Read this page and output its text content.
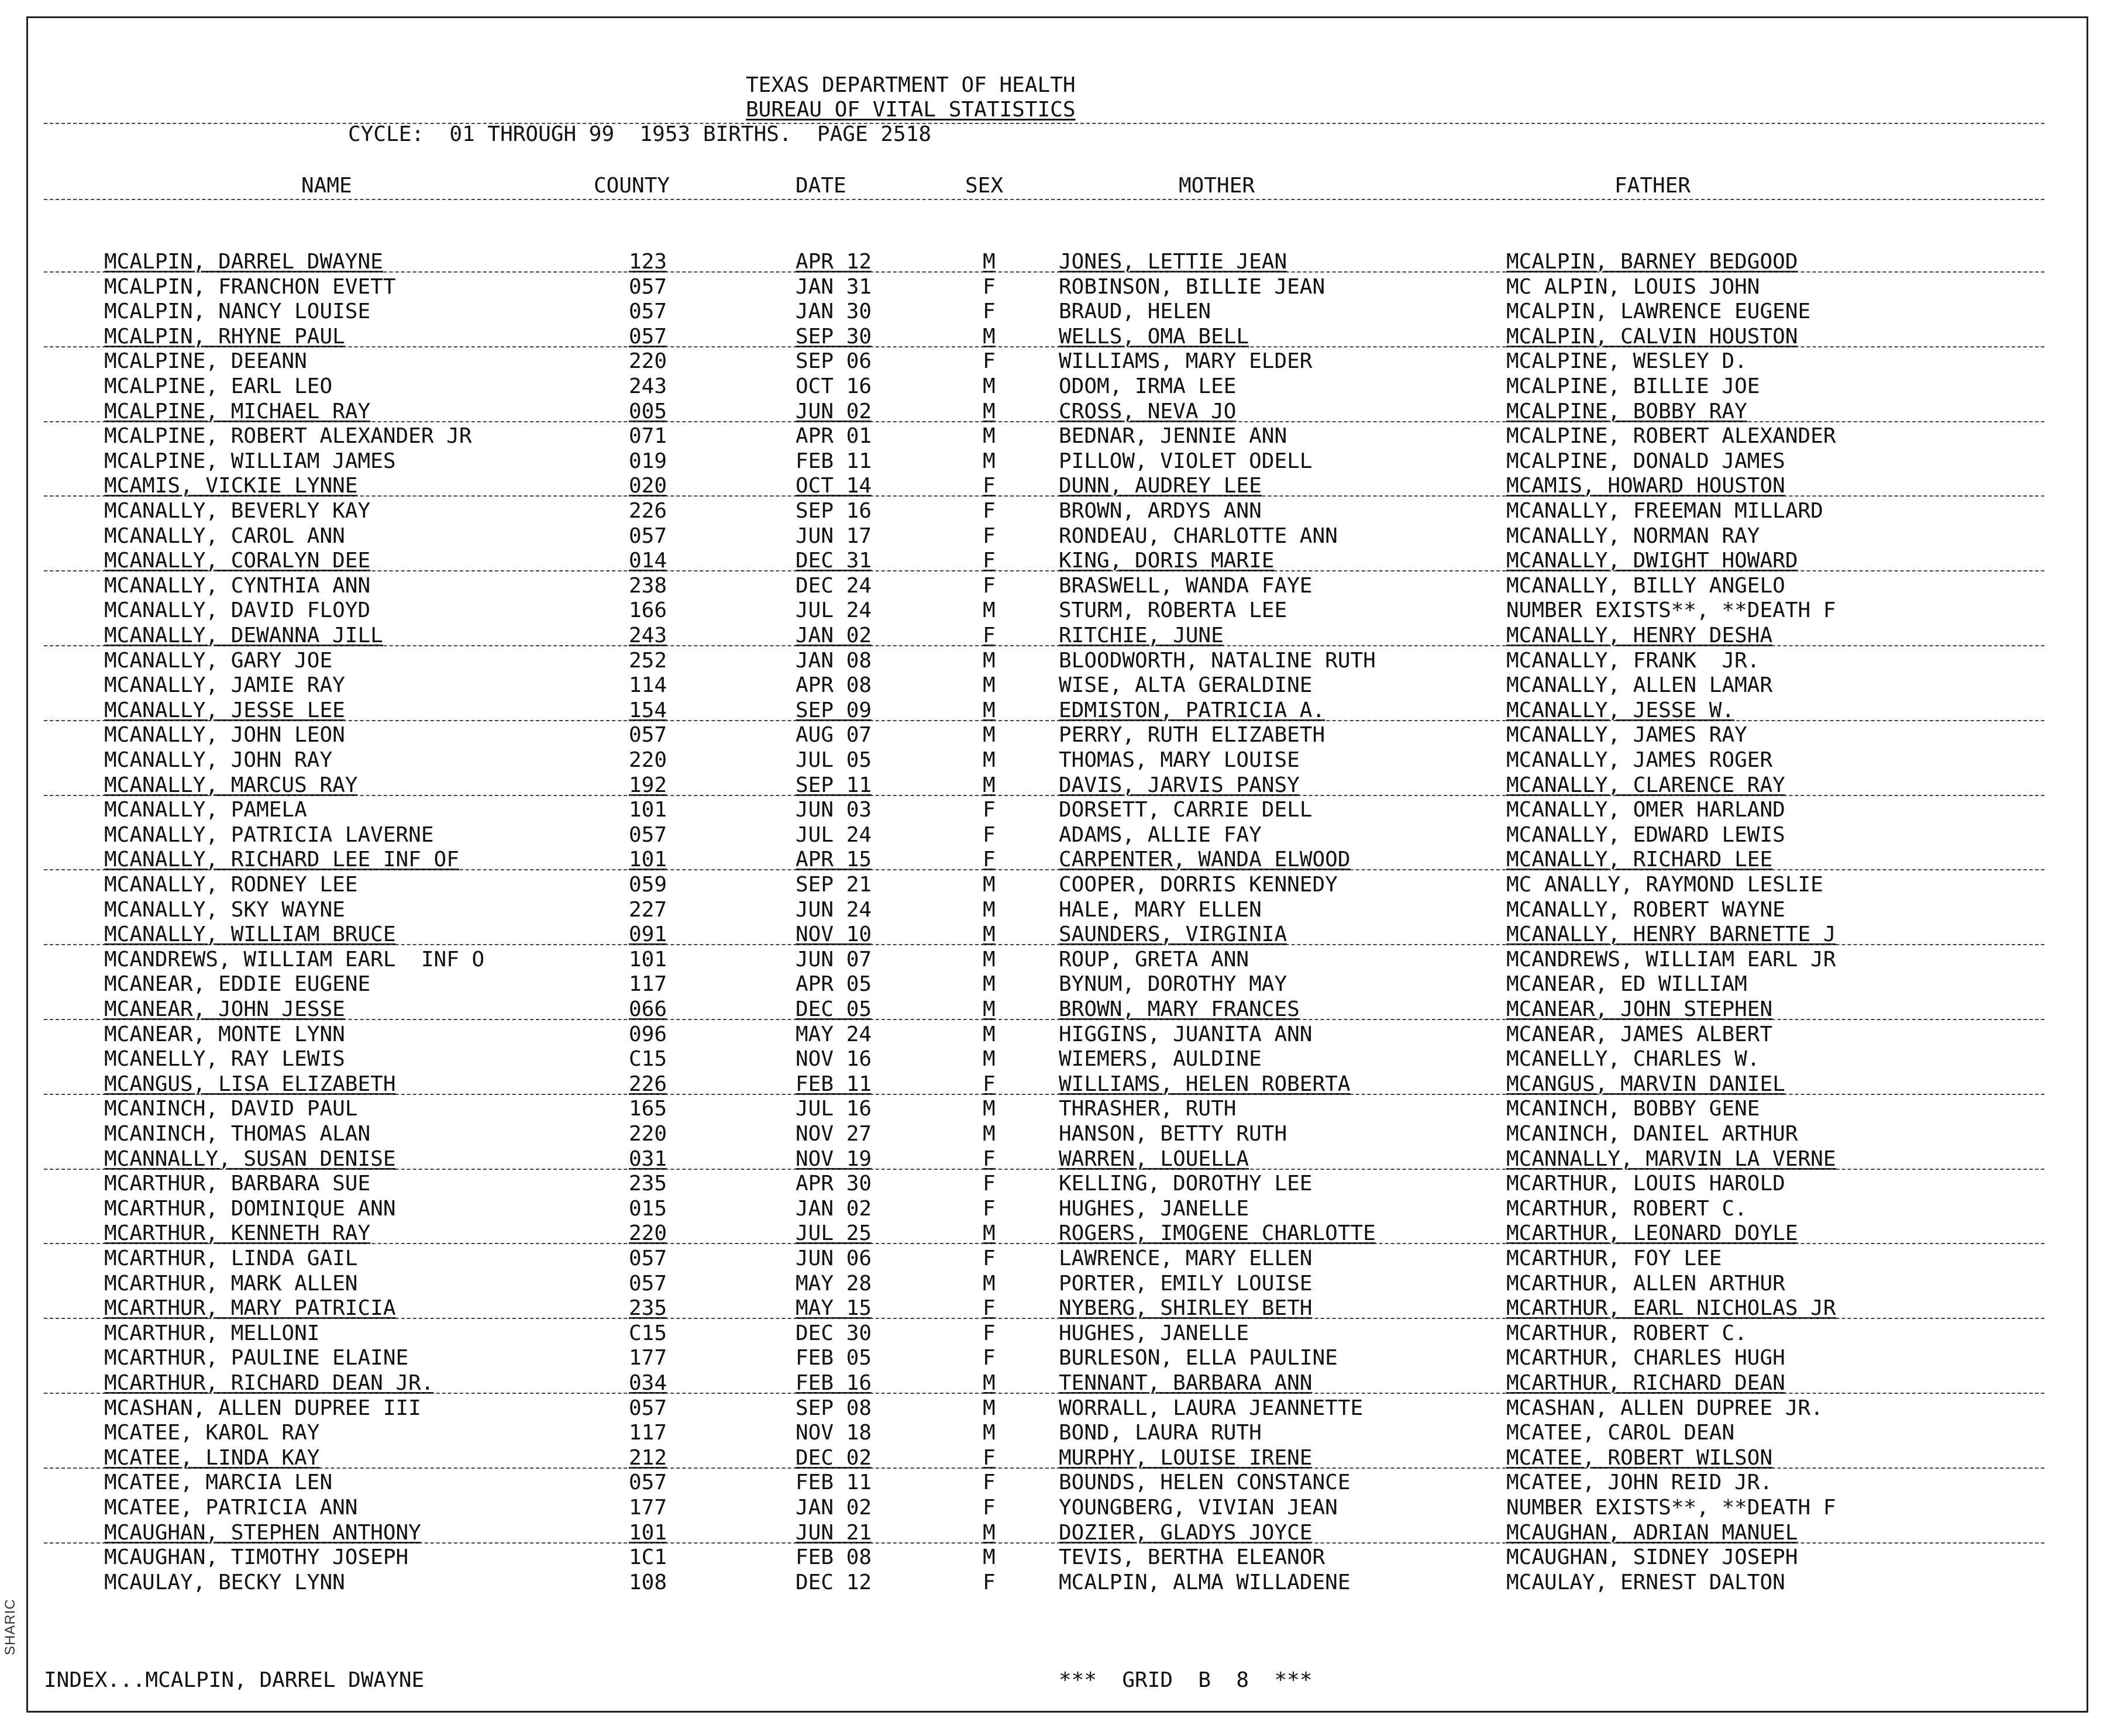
SHARIC
TEXAS DEPARTMENT OF HEALTH
BUREAU OF VITAL STATISTICS
CYCLE:  01 THROUGH 99  1953 BIRTHS.  PAGE 2518
NAME	COUNTY	DATE	SEX	MOTHER	FATHER
MCALPIN, DARREL DWAYNE	123	APR 12	M	JONES, LETTIE JEAN	MCALPIN, BARNEY BEDGOOD
MCALPIN, FRANCHON EVETT	057	JAN 31	F	ROBINSON, BILLIE JEAN	MC ALPIN, LOUIS JOHN
MCALPIN, NANCY LOUISE	057	JAN 30	F	BRAUD, HELEN	MCALPIN, LAWRENCE EUGENE
MCALPIN, RHYNE PAUL	057	SEP 30	M	WELLS, OMA BELL	MCALPIN, CALVIN HOUSTON
MCALPINE, DEEANN	220	SEP 06	F	WILLIAMS, MARY ELDER	MCALPINE, WESLEY D.
MCALPINE, EARL LEO	243	OCT 16	M	ODOM, IRMA LEE	MCALPINE, BILLIE JOE
MCALPINE, MICHAEL RAY	005	JUN 02	M	CROSS, NEVA JO	MCALPINE, BOBBY RAY
MCALPINE, ROBERT ALEXANDER JR	071	APR 01	M	BEDNAR, JENNIE ANN	MCALPINE, ROBERT ALEXANDER
MCALPINE, WILLIAM JAMES	019	FEB 11	M	PILLOW, VIOLET ODELL	MCALPINE, DONALD JAMES
MCAMIS, VICKIE LYNNE	020	OCT 14	F	DUNN, AUDREY LEE	MCAMIS, HOWARD HOUSTON
MCANALLY, BEVERLY KAY	226	SEP 16	F	BROWN, ARDYS ANN	MCANALLY, FREEMAN MILLARD
MCANALLY, CAROL ANN	057	JUN 17	F	RONDEAU, CHARLOTTE ANN	MCANALLY, NORMAN RAY
MCANALLY, CORALYN DEE	014	DEC 31	F	KING, DORIS MARIE	MCANALLY, DWIGHT HOWARD
MCANALLY, CYNTHIA ANN	238	DEC 24	F	BRASWELL, WANDA FAYE	MCANALLY, BILLY ANGELO
MCANALLY, DAVID FLOYD	166	JUL 24	M	STURM, ROBERTA LEE	NUMBER EXISTS**, **DEATH F
MCANALLY, DEWANNA JILL	243	JAN 02	F	RITCHIE, JUNE	MCANALLY, HENRY DESHA
MCANALLY, GARY JOE	252	JAN 08	M	BLOODWORTH, NATALINE RUTH	MCANALLY, FRANK  JR.
MCANALLY, JAMIE RAY	114	APR 08	M	WISE, ALTA GERALDINE	MCANALLY, ALLEN LAMAR
MCANALLY, JESSE LEE	154	SEP 09	M	EDMISTON, PATRICIA A.	MCANALLY, JESSE W.
MCANALLY, JOHN LEON	057	AUG 07	M	PERRY, RUTH ELIZABETH	MCANALLY, JAMES RAY
MCANALLY, JOHN RAY	220	JUL 05	M	THOMAS, MARY LOUISE	MCANALLY, JAMES ROGER
MCANALLY, MARCUS RAY	192	SEP 11	M	DAVIS, JARVIS PANSY	MCANALLY, CLARENCE RAY
MCANALLY, PAMELA	101	JUN 03	F	DORSETT, CARRIE DELL	MCANALLY, OMER HARLAND
MCANALLY, PATRICIA LAVERNE	057	JUL 24	F	ADAMS, ALLIE FAY	MCANALLY, EDWARD LEWIS
MCANALLY, RICHARD LEE INF OF	101	APR 15	F	CARPENTER, WANDA ELWOOD	MCANALLY, RICHARD LEE
MCANALLY, RODNEY LEE	059	SEP 21	M	COOPER, DORRIS KENNEDY	MC ANALLY, RAYMOND LESLIE
MCANALLY, SKY WAYNE	227	JUN 24	M	HALE, MARY ELLEN	MCANALLY, ROBERT WAYNE
MCANALLY, WILLIAM BRUCE	091	NOV 10	M	SAUNDERS, VIRGINIA	MCANALLY, HENRY BARNETTE J
MCANDREWS, WILLIAM EARL  INF O	101	JUN 07	M	ROUP, GRETA ANN	MCANDREWS, WILLIAM EARL JR
MCANEAR, EDDIE EUGENE	117	APR 05	M	BYNUM, DOROTHY MAY	MCANEAR, ED WILLIAM
MCANEAR, JOHN JESSE	066	DEC 05	M	BROWN, MARY FRANCES	MCANEAR, JOHN STEPHEN
MCANEAR, MONTE LYNN	096	MAY 24	M	HIGGINS, JUANITA ANN	MCANEAR, JAMES ALBERT
MCANELLY, RAY LEWIS	C15	NOV 16	M	WIEMERS, AULDINE	MCANELLY, CHARLES W.
MCANGUS, LISA ELIZABETH	226	FEB 11	F	WILLIAMS, HELEN ROBERTA	MCANGUS, MARVIN DANIEL
MCANINCH, DAVID PAUL	165	JUL 16	M	THRASHER, RUTH	MCANINCH, BOBBY GENE
MCANINCH, THOMAS ALAN	220	NOV 27	M	HANSON, BETTY RUTH	MCANINCH, DANIEL ARTHUR
MCANNALLY, SUSAN DENISE	031	NOV 19	F	WARREN, LOUELLA	MCANNALLY, MARVIN LA VERNE
MCARTHUR, BARBARA SUE	235	APR 30	F	KELLING, DOROTHY LEE	MCARTHUR, LOUIS HAROLD
MCARTHUR, DOMINIQUE ANN	015	JAN 02	F	HUGHES, JANELLE	MCARTHUR, ROBERT C.
MCARTHUR, KENNETH RAY	220	JUL 25	M	ROGERS, IMOGENE CHARLOTTE	MCARTHUR, LEONARD DOYLE
MCARTHUR, LINDA GAIL	057	JUN 06	F	LAWRENCE, MARY ELLEN	MCARTHUR, FOY LEE
MCARTHUR, MARK ALLEN	057	MAY 28	M	PORTER, EMILY LOUISE	MCARTHUR, ALLEN ARTHUR
MCARTHUR, MARY PATRICIA	235	MAY 15	F	NYBERG, SHIRLEY BETH	MCARTHUR, EARL NICHOLAS JR
MCARTHUR, MELLONI	C15	DEC 30	F	HUGHES, JANELLE	MCARTHUR, ROBERT C.
MCARTHUR, PAULINE ELAINE	177	FEB 05	F	BURLESON, ELLA PAULINE	MCARTHUR, CHARLES HUGH
MCARTHUR, RICHARD DEAN JR.	034	FEB 16	M	TENNANT, BARBARA ANN	MCARTHUR, RICHARD DEAN
MCASHAN, ALLEN DUPREE III	057	SEP 08	M	WORRALL, LAURA JEANNETTE	MCASHAN, ALLEN DUPREE JR.
MCATEE, KAROL RAY	117	NOV 18	M	BOND, LAURA RUTH	MCATEE, CAROL DEAN
MCATEE, LINDA KAY	212	DEC 02	F	MURPHY, LOUISE IRENE	MCATEE, ROBERT WILSON
MCATEE, MARCIA LEN	057	FEB 11	F	BOUNDS, HELEN CONSTANCE	MCATEE, JOHN REID JR.
MCATEE, PATRICIA ANN	177	JAN 02	F	YOUNGBERG, VIVIAN JEAN	NUMBER EXISTS**, **DEATH F
MCAUGHAN, STEPHEN ANTHONY	101	JUN 21	M	DOZIER, GLADYS JOYCE	MCAUGHAN, ADRIAN MANUEL
MCAUGHAN, TIMOTHY JOSEPH	1C1	FEB 08	M	TEVIS, BERTHA ELEANOR	MCAUGHAN, SIDNEY JOSEPH
MCAULAY, BECKY LYNN	108	DEC 12	F	MCALPIN, ALMA WILLADENE	MCAULAY, ERNEST DALTON
INDEX...MCALPIN, DARREL DWAYNE	***  GRID  B  8  ***
